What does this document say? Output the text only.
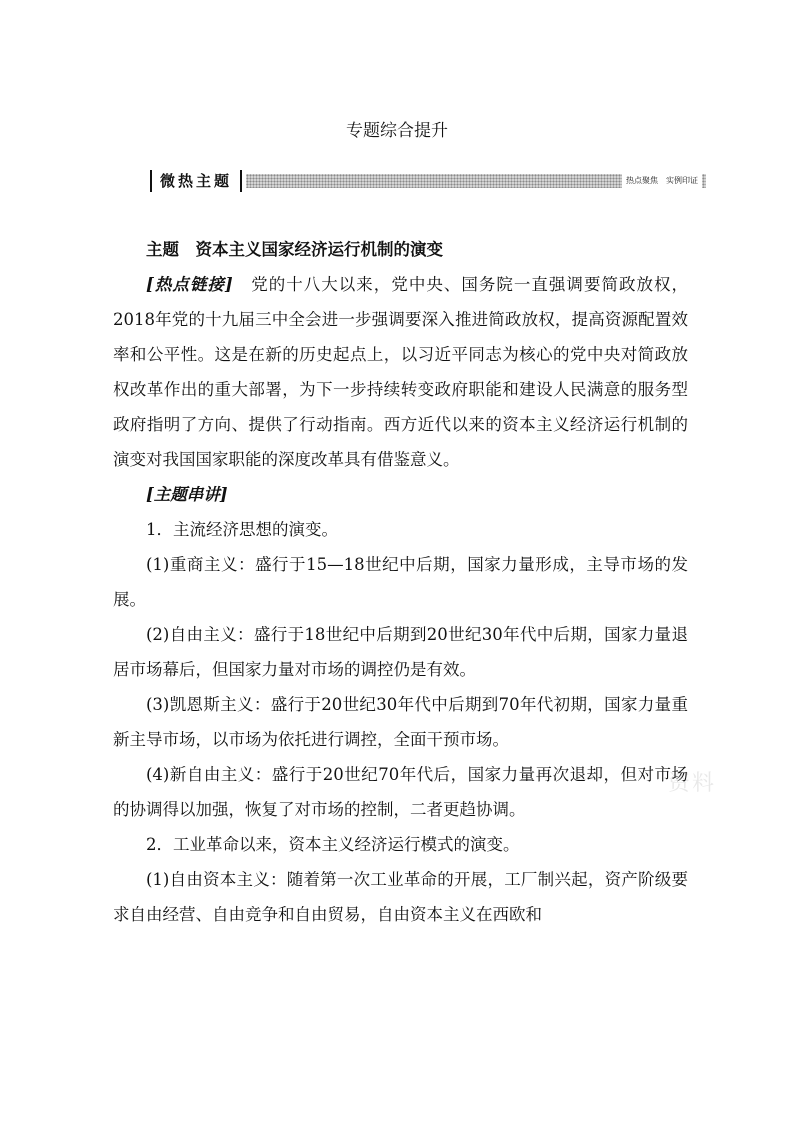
专题综合提升
微热主题	热点聚焦　实例印证
资料

主题 资本主义国家经济运行机制的演变

[热点链接]　 党的十八大以来，党中央、国务院一直强调要简政放权，2018年党的十九届三中全会进一步强调要深入推进简政放权，提高资源配置效率和公平性。这是在新的历史起点上，以习近平同志为核心的党中央对简政放权改革作出的重大部署，为下一步持续转变政府职能和建设人民满意的服务型政府指明了方向、提供了行动指南。西方近代以来的资本主义经济运行机制的演变对我国国家职能的深度改革具有借鉴意义。

[主题串讲]

1．主流经济思想的演变。

(1)重商主义：盛行于15—18世纪中后期，国家力量形成，主导市场的发展。

(2)自由主义：盛行于18世纪中后期到20世纪30年代中后期，国家力量退居市场幕后，但国家力量对市场的调控仍是有效。

(3)凯恩斯主义：盛行于20世纪30年代中后期到70年代初期，国家力量重新主导市场，以市场为依托进行调控，全面干预市场。

(4)新自由主义：盛行于20世纪70年代后，国家力量再次退却，但对市场的协调得以加强，恢复了对市场的控制，二者更趋协调。

2．工业革命以来，资本主义经济运行模式的演变。

(1)自由资本主义：随着第一次工业革命的开展，工厂制兴起，资产阶级要求自由经营、自由竞争和自由贸易，自由资本主义在西欧和
